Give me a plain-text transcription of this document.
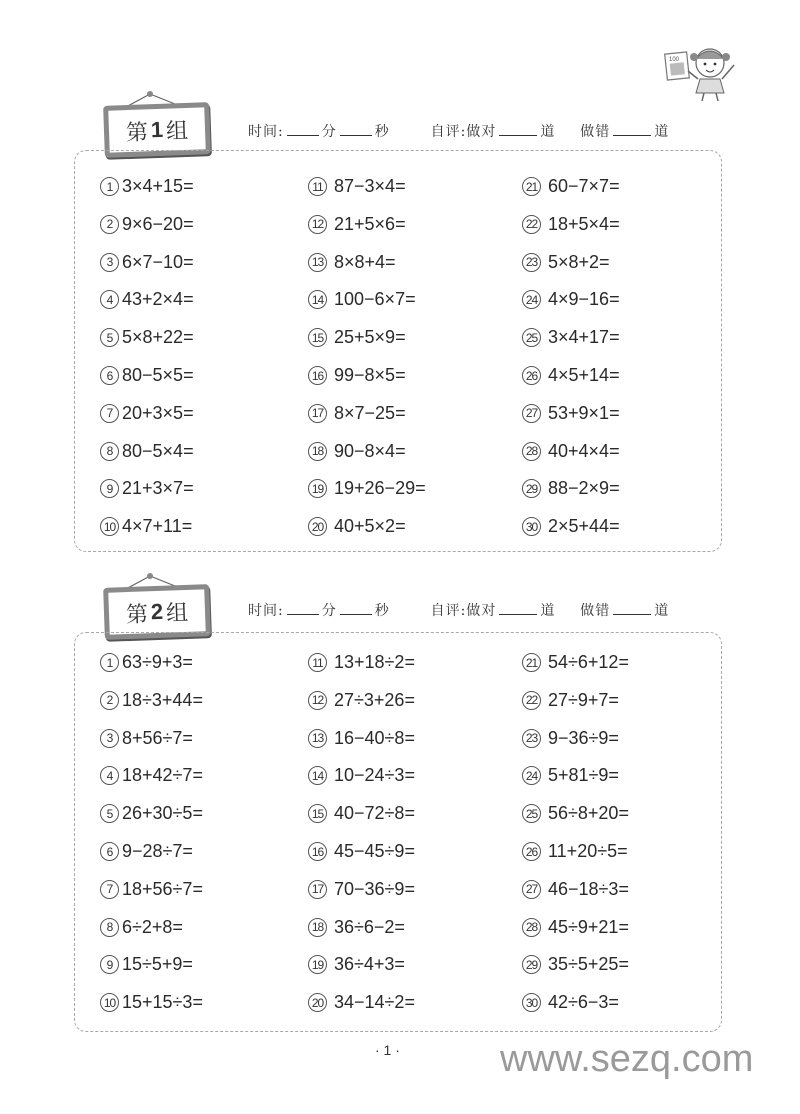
100
第 1 组	时间:	分	秒	自评:做对	道 做错	道
1 3×4+15=
2 9×6−20=
3 6×7−10=
4 43+2×4=
5 5×8+22=
6 80−5×5=
7 20+3×5=
8 80−5×4=
9 21+3×7=
10 4×7+11=
11 87−3×4=
12 21+5×6=
13 8×8+4=
14 100−6×7=
15 25+5×9=
16 99−8×5=
17 8×7−25=
18 90−8×4=
19 19+26−29=
20 40+5×2=
21 60−7×7=
22 18+5×4=
23 5×8+2=
24 4×9−16=
25 3×4+17=
26 4×5+14=
27 53+9×1=
28 40+4×4=
29 88−2×9=
30 2×5+44=
第 2 组	时间:	分	秒	自评:做对	道 做错	道
1 63÷9+3=
2 18÷3+44=
3 8+56÷7=
4 18+42÷7=
5 26+30÷5=
6 9−28÷7=
7 18+56÷7=
8 6÷2+8=
9 15÷5+9=
10 15+15÷3=
11 13+18÷2=
12 27÷3+26=
13 16−40÷8=
14 10−24÷3=
15 40−72÷8=
16 45−45÷9=
17 70−36÷9=
18 36÷6−2=
19 36÷4+3=
20 34−14÷2=
21 54÷6+12=
22 27÷9+7=
23 9−36÷9=
24 5+81÷9=
25 56÷8+20=
26 11+20÷5=
27 46−18÷3=
28 45÷9+21=
29 35÷5+25=
30 42÷6−3=
· 1 ·	www.sezq.com
